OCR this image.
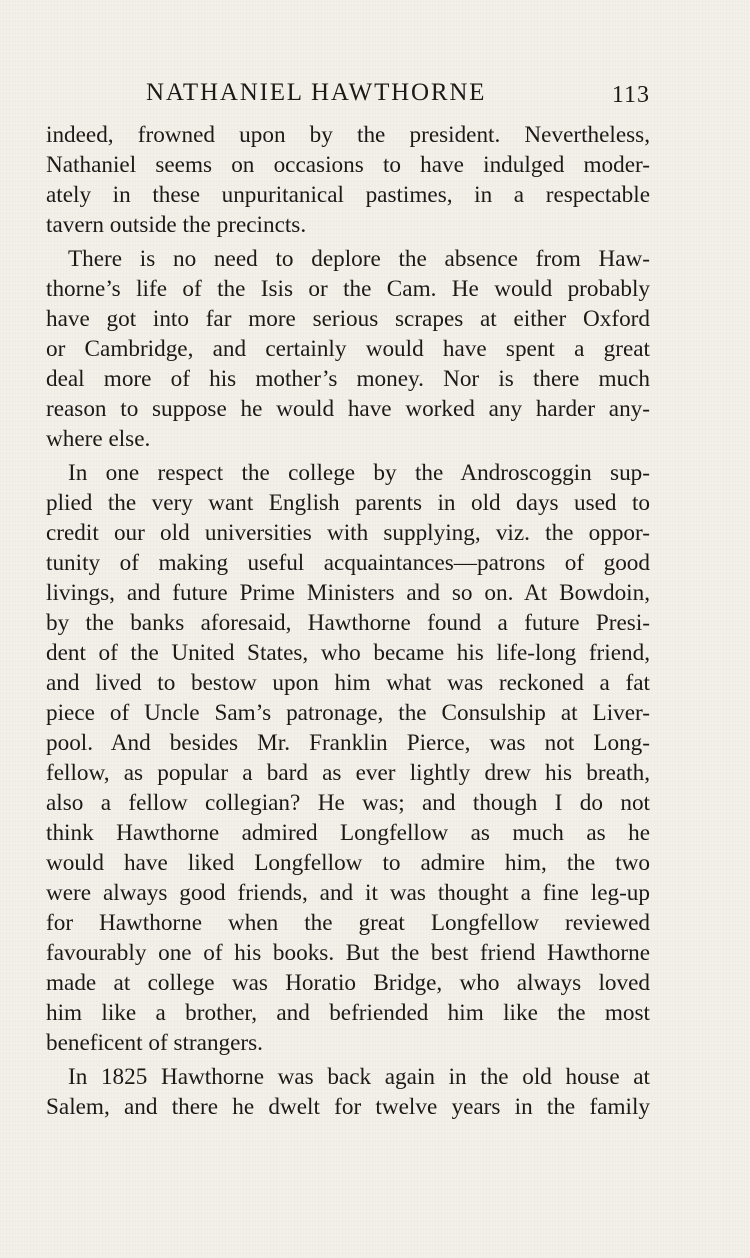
NATHANIEL HAWTHORNE	113
indeed, frowned upon by the president. Nevertheless,
Nathaniel seems on occasions to have indulged moder-
ately in these unpuritanical pastimes, in a respectable
tavern outside the precincts.
There is no need to deplore the absence from Haw-
thorne’s life of the Isis or the Cam. He would probably
have got into far more serious scrapes at either Oxford
or Cambridge, and certainly would have spent a great
deal more of his mother’s money. Nor is there much
reason to suppose he would have worked any harder any-
where else.
In one respect the college by the Androscoggin sup-
plied the very want English parents in old days used to
credit our old universities with supplying, viz. the oppor-
tunity of making useful acquaintances—patrons of good
livings, and future Prime Ministers and so on. At Bowdoin,
by the banks aforesaid, Hawthorne found a future Presi-
dent of the United States, who became his life-long friend,
and lived to bestow upon him what was reckoned a fat
piece of Uncle Sam’s patronage, the Consulship at Liver-
pool. And besides Mr. Franklin Pierce, was not Long-
fellow, as popular a bard as ever lightly drew his breath,
also a fellow collegian? He was; and though I do not
think Hawthorne admired Longfellow as much as he
would have liked Longfellow to admire him, the two
were always good friends, and it was thought a fine leg-up
for Hawthorne when the great Longfellow reviewed
favourably one of his books. But the best friend Hawthorne
made at college was Horatio Bridge, who always loved
him like a brother, and befriended him like the most
beneficent of strangers.
In 1825 Hawthorne was back again in the old house at
Salem, and there he dwelt for twelve years in the family
